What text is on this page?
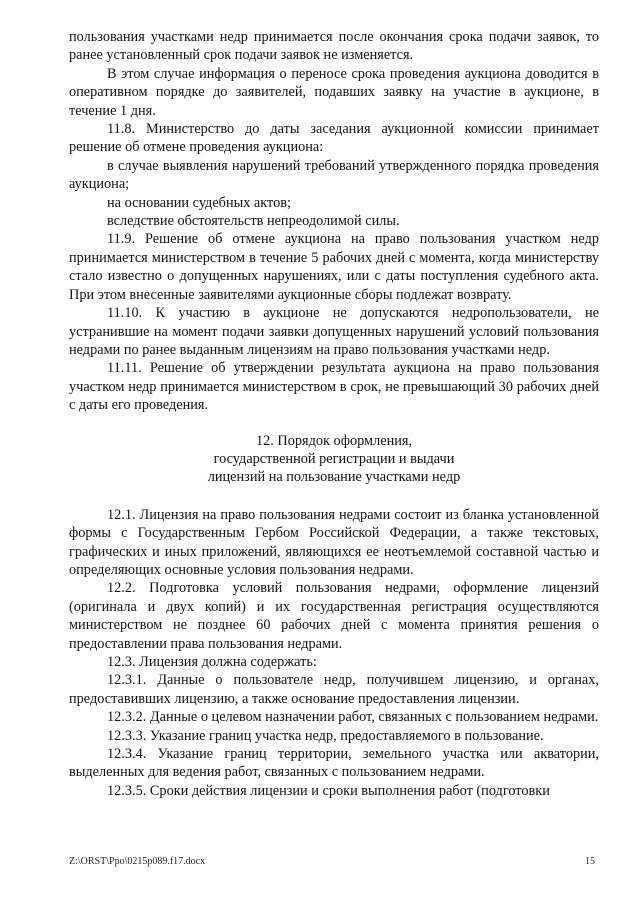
пользования участками недр принимается после окончания срока подачи заявок, то ранее установленный срок подачи заявок не изменяется.

В этом случае информация о переносе срока проведения аукциона доводится в оперативном порядке до заявителей, подавших заявку на участие в аукционе, в течение 1 дня.

11.8. Министерство до даты заседания аукционной комиссии принимает решение об отмене проведения аукциона:

в случае выявления нарушений требований утвержденного порядка проведения аукциона;

на основании судебных актов;

вследствие обстоятельств непреодолимой силы.

11.9. Решение об отмене аукциона на право пользования участком недр принимается министерством в течение 5 рабочих дней с момента, когда министерству стало известно о допущенных нарушениях, или с даты поступления судебного акта. При этом внесенные заявителями аукционные сборы подлежат возврату.

11.10. К участию в аукционе не допускаются недропользователи, не устранившие на момент подачи заявки допущенных нарушений условий пользования недрами по ранее выданным лицензиям на право пользования участками недр.

11.11. Решение об утверждении результата аукциона на право пользования участком недр принимается министерством в срок, не превышающий 30 рабочих дней с даты его проведения.

12. Порядок оформления,
государственной регистрации и выдачи
лицензий на пользование участками недр

12.1. Лицензия на право пользования недрами состоит из бланка установленной формы с Государственным Гербом Российской Федерации, а также текстовых, графических и иных приложений, являющихся ее неотъемлемой составной частью и определяющих основные условия пользования недрами.

12.2. Подготовка условий пользования недрами, оформление лицензий (оригинала и двух копий) и их государственная регистрация осуществляются министерством не позднее 60 рабочих дней с момента принятия решения о предоставлении права пользования недрами.

12.3. Лицензия должна содержать:

12.3.1. Данные о пользователе недр, получившем лицензию, и органах, предоставивших лицензию, а также основание предоставления лицензии.

12.3.2. Данные о целевом назначении работ, связанных с пользованием недрами.

12.3.3. Указание границ участка недр, предоставляемого в пользование.

12.3.4. Указание границ территории, земельного участка или акватории, выделенных для ведения работ, связанных с пользованием недрами.

12.3.5. Сроки действия лицензии и сроки выполнения работ (подготовки

Z:\ORST\Ppo\0215p089.f17.docx	15
